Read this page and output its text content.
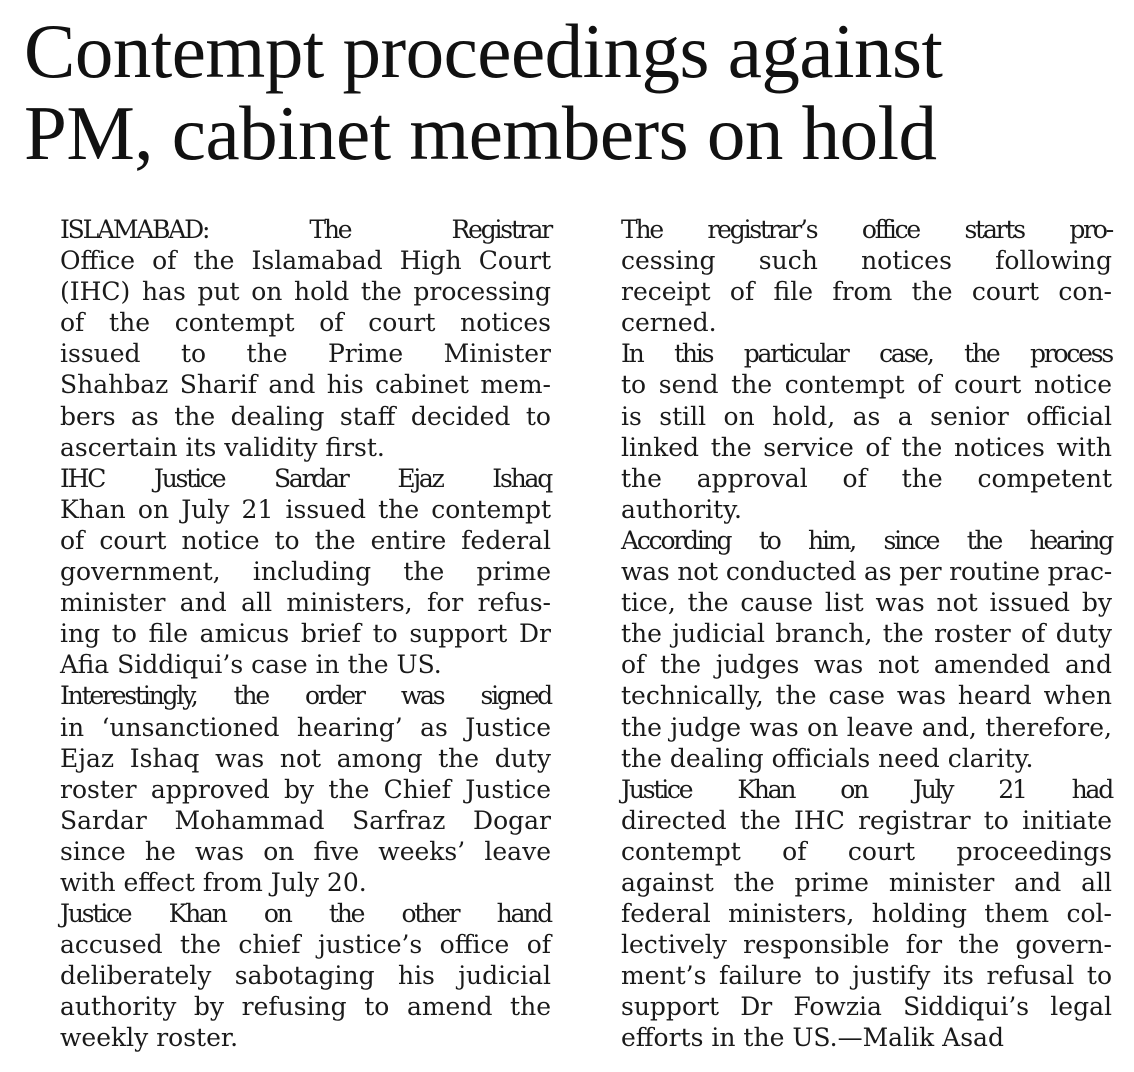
Contempt proceedings against
PM, cabinet members on hold
ISLAMABAD: The Registrar
Office of the Islamabad High Court
(IHC) has put on hold the processing
of the contempt of court notices
issued to the Prime Minister
Shahbaz Sharif and his cabinet mem-
bers as the dealing staff decided to
ascertain its validity first.
IHC Justice Sardar Ejaz Ishaq
Khan on July 21 issued the contempt
of court notice to the entire federal
government, including the prime
minister and all ministers, for refus-
ing to file amicus brief to support Dr
Afia Siddiqui’s case in the US.
Interestingly, the order was signed
in ‘unsanctioned hearing’ as Justice
Ejaz Ishaq was not among the duty
roster approved by the Chief Justice
Sardar Mohammad Sarfraz Dogar
since he was on five weeks’ leave
with effect from July 20.
Justice Khan on the other hand
accused the chief justice’s office of
deliberately sabotaging his judicial
authority by refusing to amend the
weekly roster.
The registrar’s office starts pro-
cessing such notices following
receipt of file from the court con-
cerned.
In this particular case, the process
to send the contempt of court notice
is still on hold, as a senior official
linked the service of the notices with
the approval of the competent
authority.
According to him, since the hearing
was not conducted as per routine prac-
tice, the cause list was not issued by
the judicial branch, the roster of duty
of the judges was not amended and
technically, the case was heard when
the judge was on leave and, therefore,
the dealing officials need clarity.
Justice Khan on July 21 had
directed the IHC registrar to initiate
contempt of court proceedings
against the prime minister and all
federal ministers, holding them col-
lectively responsible for the govern-
ment’s failure to justify its refusal to
support Dr Fowzia Siddiqui’s legal
efforts in the US.—Malik Asad
